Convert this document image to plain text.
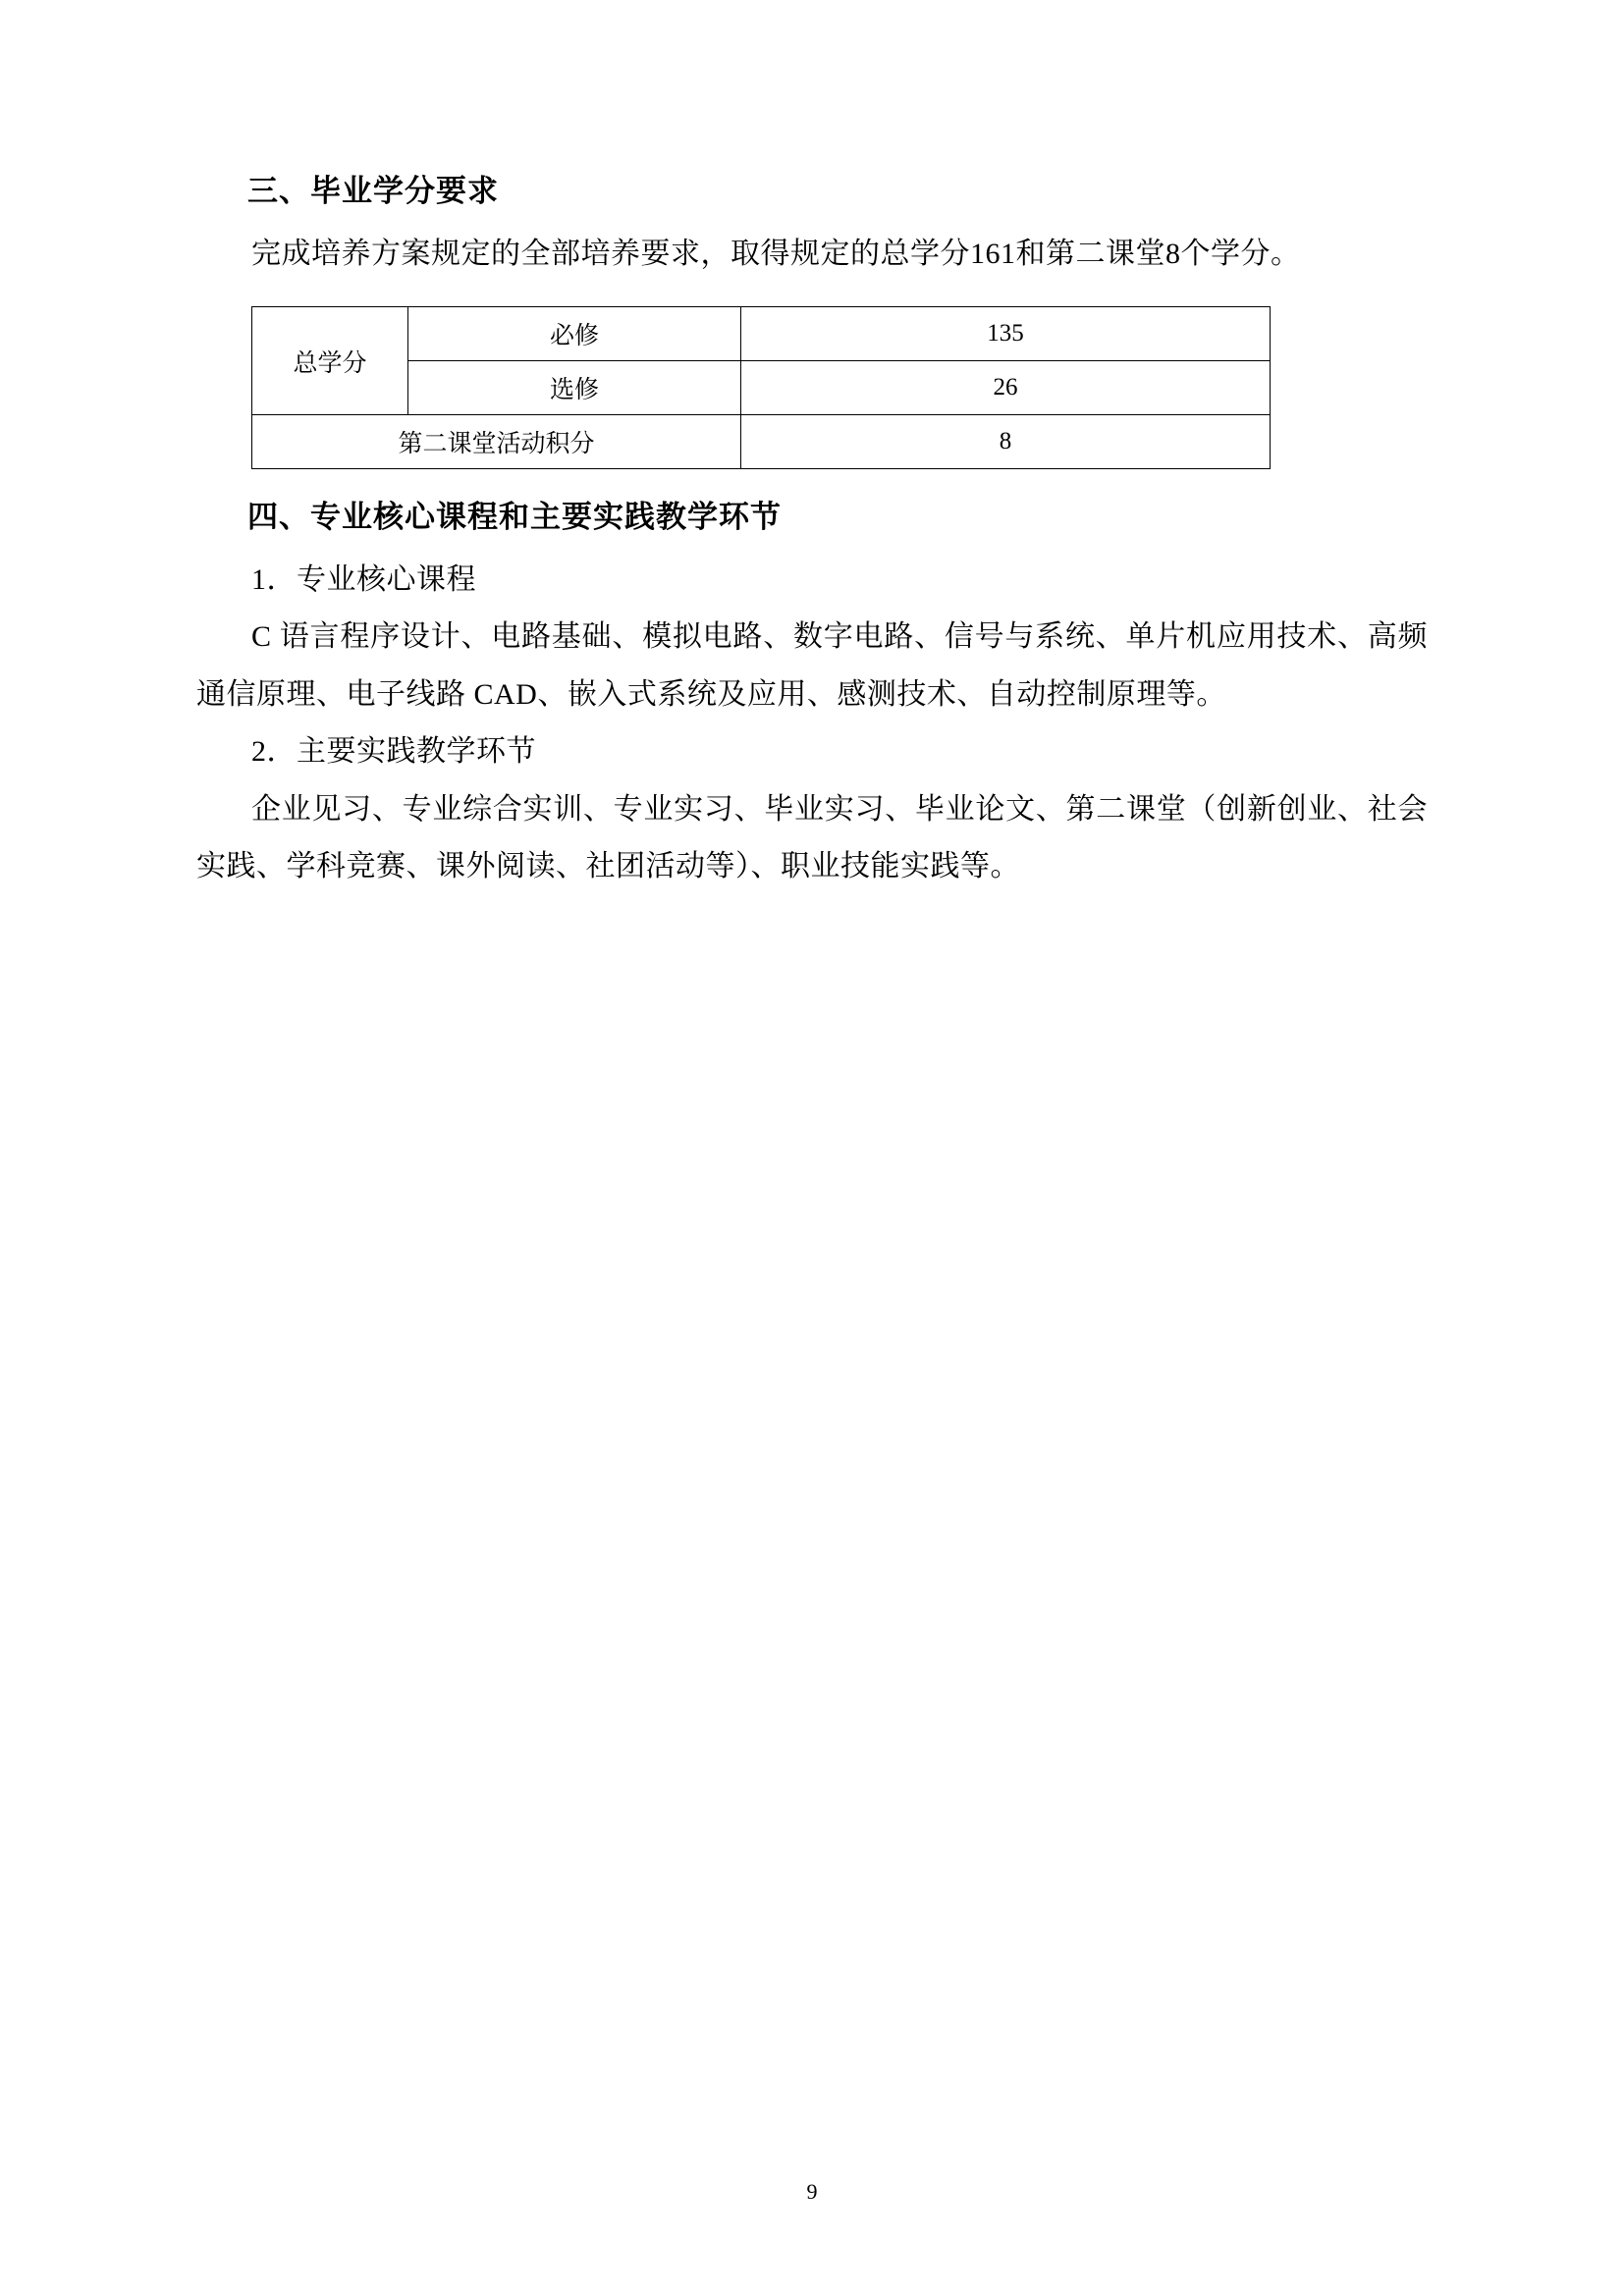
三、毕业学分要求

完成培养方案规定的全部培养要求，取得规定的总学分161和第二课堂8个学分。

总学分	必修	135
	选修	26
第二课堂活动积分		8
四、专业核心课程和主要实践教学环节

1．专业核心课程

C 语言程序设计、电路基础、模拟电路、数字电路、信号与系统、单片机应用技术、高频通信原理、电子线路 CAD、嵌入式系统及应用、感测技术、自动控制原理等。

2．主要实践教学环节

企业见习、专业综合实训、专业实习、毕业实习、毕业论文、第二课堂（创新创业、社会实践、学科竞赛、课外阅读、社团活动等）、职业技能实践等。

9
